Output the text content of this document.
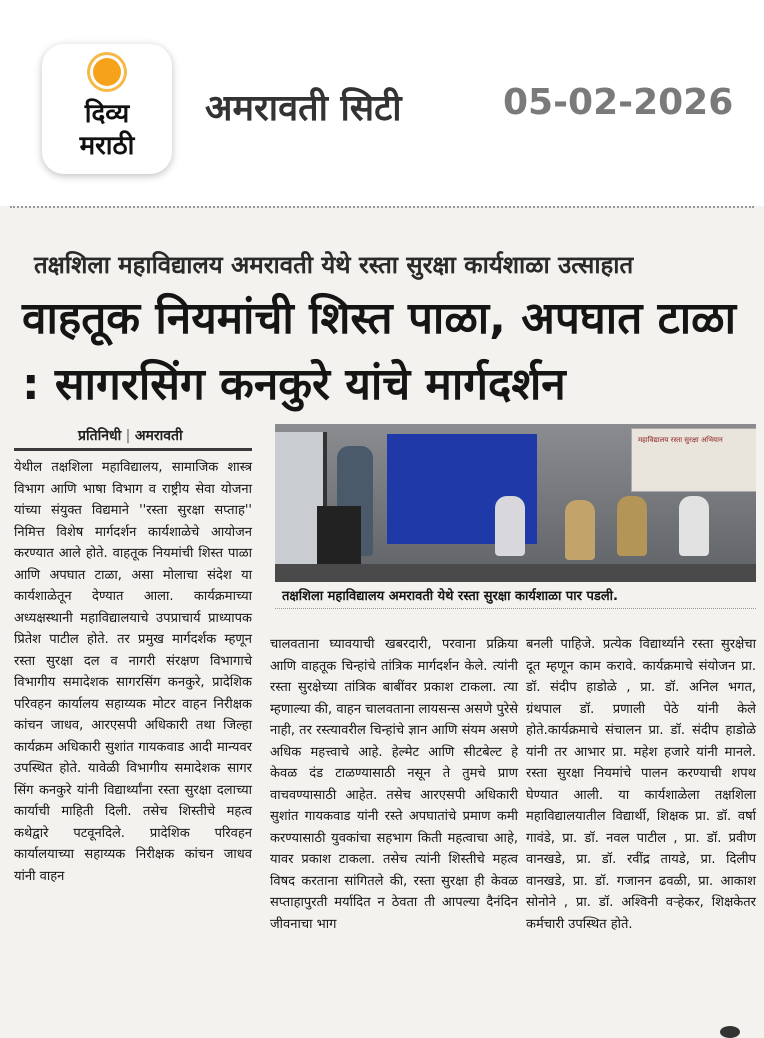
दिव्य
मराठी
अमरावती सिटी	05-02-2026
तक्षशिला महाविद्यालय अमरावती येथे रस्ता सुरक्षा कार्यशाळा उत्साहात
वाहतूक नियमांची शिस्त पाळा, अपघात टाळा : सागरसिंग कनकुरे यांचे मार्गदर्शन
प्रतिनिधी | अमरावती
येथील तक्षशिला महाविद्यालय, सामाजिक शास्त्र विभाग आणि भाषा विभाग व राष्ट्रीय सेवा योजना यांच्या संयुक्त विद्यमाने ''रस्ता सुरक्षा सप्ताह'' निमित्त विशेष मार्गदर्शन कार्यशाळेचे आयोजन करण्यात आले होते. वाहतूक नियमांची शिस्त पाळा आणि अपघात टाळा, असा मोलाचा संदेश या कार्यशाळेतून देण्यात आला. कार्यक्रमाच्या अध्यक्षस्थानी महाविद्यालयाचे उपप्राचार्य प्राध्यापक प्रितेश पाटील होते. तर प्रमुख मार्गदर्शक म्हणून रस्ता सुरक्षा दल व नागरी संरक्षण विभागाचे विभागीय समादेशक सागरसिंग कनकुरे, प्रादेशिक परिवहन कार्यालय सहाय्यक मोटर वाहन निरीक्षक कांचन जाधव, आरएसपी अधिकारी तथा जिल्हा कार्यक्रम अधिकारी सुशांत गायकवाड आदी मान्यवर उपस्थित होते. यावेळी विभागीय समादेशक सागर सिंग कनकुरे यांनी विद्यार्थ्यांना रस्ता सुरक्षा दलाच्या कार्याची माहिती दिली. तसेच शिस्तीचे महत्व कथेद्वारे पटवूनदिले. प्रादेशिक परिवहन कार्यालयाच्या सहाय्यक निरीक्षक कांचन जाधव यांनी वाहन
महाविद्यालय रस्ता सुरक्षा अभियान
तक्षशिला महाविद्यालय अमरावती येथे रस्ता सुरक्षा कार्यशाळा पार पडली.
चालवताना घ्यावयाची खबरदारी, परवाना प्रक्रिया आणि वाहतूक चिन्हांचे तांत्रिक मार्गदर्शन केले. त्यांनी रस्ता सुरक्षेच्या तांत्रिक बाबींवर प्रकाश टाकला. त्या म्हणाल्या की, वाहन चालवताना लायसन्स असणे पुरेसे नाही, तर रस्त्यावरील चिन्हांचे ज्ञान आणि संयम असणे अधिक महत्त्वाचे आहे. हेल्मेट आणि सीटबेल्ट हे केवळ दंड टाळण्यासाठी नसून ते तुमचे प्राण वाचवण्यासाठी आहेत. तसेच आरएसपी अधिकारी सुशांत गायकवाड यांनी रस्ते अपघातांचे प्रमाण कमी करण्यासाठी युवकांचा सहभाग किती महत्वाचा आहे, यावर प्रकाश टाकला. तसेच त्यांनी शिस्तीचे महत्व विषद करताना सांगितले की, रस्ता सुरक्षा ही केवळ सप्ताहापुरती मर्यादित न ठेवता ती आपल्या दैनंदिन जीवनाचा भाग
बनली पाहिजे. प्रत्येक विद्यार्थ्याने रस्ता सुरक्षेचा दूत म्हणून काम करावे. कार्यक्रमाचे संयोजन प्रा. डॉ. संदीप हाडोळे , प्रा. डॉ. अनिल भगत, ग्रंथपाल डॉ. प्रणाली पेठे यांनी केले होते.कार्यक्रमाचे संचालन प्रा. डॉ. संदीप हाडोळे यांनी तर आभार प्रा. महेश हजारे यांनी मानले. रस्ता सुरक्षा नियमांचे पालन करण्याची शपथ घेण्यात आली. या कार्यशाळेला तक्षशिला महाविद्यालयातील विद्यार्थी, शिक्षक प्रा. डॉ. वर्षा गावंडे, प्रा. डॉ. नवल पाटील , प्रा. डॉ. प्रवीण वानखडे, प्रा. डॉ. रवींद्र तायडे, प्रा. दिलीप वानखडे, प्रा. डॉ. गजानन ढवळी, प्रा. आकाश सोनोने , प्रा. डॉ. अश्विनी वऱ्हेकर, शिक्षकेतर कर्मचारी उपस्थित होते.
